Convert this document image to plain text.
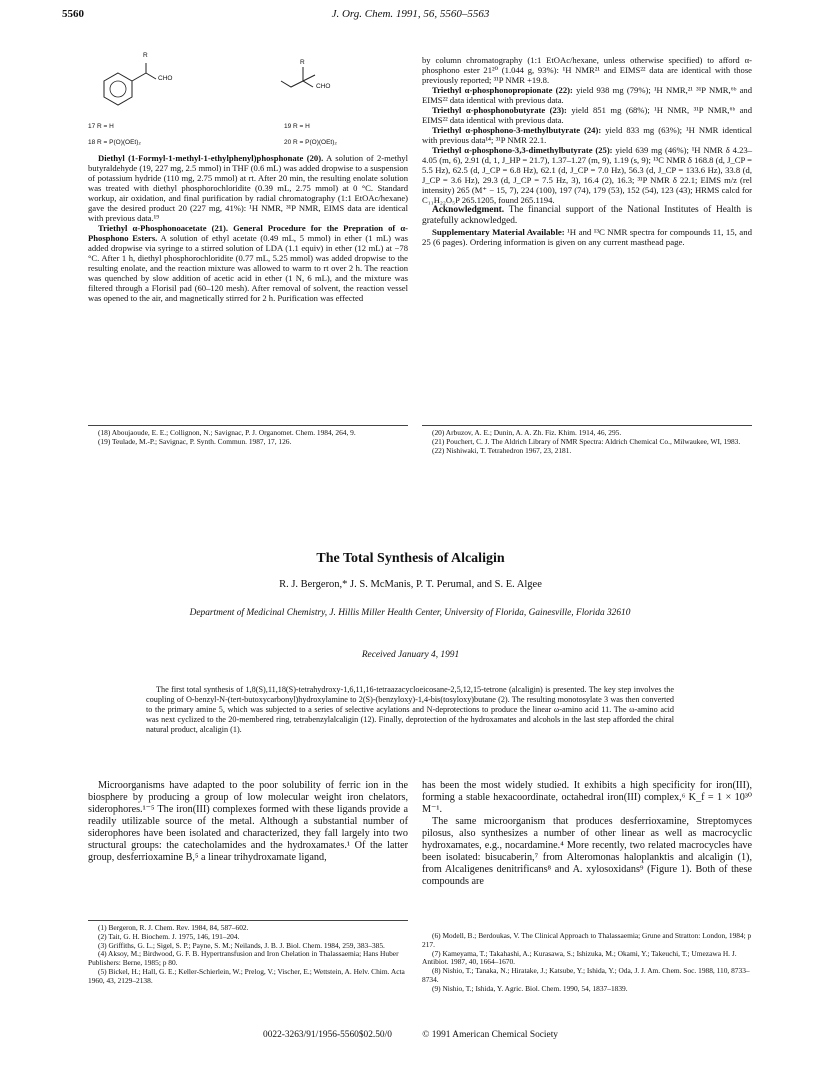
5560	J. Org. Chem. 1991, 56, 5560–5563
R
CHO
17 R = H
18 R = P(O)(OEt)₂
R
CHO
19 R = H
20 R = P(O)(OEt)₂

Diethyl (1-Formyl-1-methyl-1-ethylphenyl)phosphonate (20). A solution of 2-methyl butyraldehyde (19, 227 mg, 2.5 mmol) in THF (0.6 mL) was added dropwise to a suspension of potassium hydride (110 mg, 2.75 mmol) at rt. After 20 min, the resulting enolate solution was treated with diethyl phosphorochloridite (0.39 mL, 2.75 mmol) at 0 °C. Standard workup, air oxidation, and final purification by radial chromatography (1:1 EtOAc/hexane) gave the desired product 20 (227 mg, 41%): ¹H NMR, ³¹P NMR, EIMS data are identical with previous data.¹⁹

Triethyl α-Phosphonoacetate (21). General Procedure for the Prepration of α-Phosphono Esters. A solution of ethyl acetate (0.49 mL, 5 mmol) in ether (1 mL) was added dropwise via syringe to a stirred solution of LDA (1.1 equiv) in ether (12 mL) at −78 °C. After 1 h, diethyl phosphorochloridite (0.77 mL, 5.25 mmol) was added dropwise to the resulting enolate, and the reaction mixture was allowed to warm to rt over 2 h. The reaction was quenched by slow addition of acetic acid in ether (1 N, 6 mL), and the mixture was filtered through a Florisil pad (60–120 mesh). After removal of solvent, the reaction vessel was opened to the air, and magnetically stirred for 2 h. Purification was effected

by column chromatography (1:1 EtOAc/hexane, unless otherwise specified) to afford α-phosphono ester 21²⁰ (1.044 g, 93%): ¹H NMR²¹ and EIMS²² data are identical with those previously reported; ³¹P NMR +19.8.

Triethyl α-phosphonopropionate (22): yield 938 mg (79%); ¹H NMR,²¹ ³¹P NMR,⁶ᵇ and EIMS²² data identical with previous data.

Triethyl α-phosphonobutyrate (23): yield 851 mg (68%); ¹H NMR, ³¹P NMR,⁶ᵇ and EIMS²² data identical with previous data.

Triethyl α-phosphono-3-methylbutyrate (24): yield 833 mg (63%); ¹H NMR identical with previous data¹⁴; ³¹P NMR 22.1.

Triethyl α-phosphono-3,3-dimethylbutyrate (25): yield 639 mg (46%); ¹H NMR δ 4.23–4.05 (m, 6), 2.91 (d, 1, J_HP = 21.7), 1.37–1.27 (m, 9), 1.19 (s, 9); ¹³C NMR δ 168.8 (d, J_CP = 5.5 Hz), 62.5 (d, J_CP = 6.8 Hz), 62.1 (d, J_CP = 7.0 Hz), 56.3 (d, J_CP = 133.6 Hz), 33.8 (d, J_CP = 3.6 Hz), 29.3 (d, J_CP = 7.5 Hz, 3), 16.4 (2), 16.3; ³¹P NMR δ 22.1; EIMS m/z (rel intensity) 265 (M⁺ − 15, 7), 224 (100), 197 (74), 179 (53), 152 (54), 123 (43); HRMS calcd for C₁₁H₂₂O₅P 265.1205, found 265.1194.

Acknowledgment. The financial support of the National Institutes of Health is gratefully acknowledged.

Supplementary Material Available: ¹H and ¹³C NMR spectra for compounds 11, 15, and 25 (6 pages). Ordering information is given on any current masthead page.

(18) Aboujaoude, E. E.; Collignon, N.; Savignac, P. J. Organomet. Chem. 1984, 264, 9.
(19) Teulade, M.-P.; Savignac, P. Synth. Commun. 1987, 17, 126.
(20) Arbuzov, A. E.; Dunin, A. A. Zh. Fiz. Khim. 1914, 46, 295.
(21) Pouchert, C. J. The Aldrich Library of NMR Spectra: Aldrich Chemical Co., Milwaukee, WI, 1983.
(22) Nishiwaki, T. Tetrahedron 1967, 23, 2181.
The Total Synthesis of Alcaligin
R. J. Bergeron,* J. S. McManis, P. T. Perumal, and S. E. Algee
Department of Medicinal Chemistry, J. Hillis Miller Health Center, University of Florida, Gainesville, Florida 32610
Received January 4, 1991
The first total synthesis of 1,8(S),11,18(S)-tetrahydroxy-1,6,11,16-tetraazacycloeicosane-2,5,12,15-tetrone (alcaligin) is presented. The key step involves the coupling of O-benzyl-N-(tert-butoxycarbonyl)hydroxylamine to 2(S)-(benzyloxy)-1,4-bis(tosyloxy)butane (2). The resulting monotosylate 3 was then converted to the primary amine 5, which was subjected to a series of selective acylations and N-deprotections to produce the linear ω-amino acid 11. The ω-amino acid was next cyclized to the 20-membered ring, tetrabenzylalcaligin (12). Finally, deprotection of the hydroxamates and alcohols in the last step afforded the chiral natural product, alcaligin (1).
Microorganisms have adapted to the poor solubility of ferric ion in the biosphere by producing a group of low molecular weight iron chelators, siderophores.¹⁻⁵ The iron(III) complexes formed with these ligands provide a readily utilizable source of the metal. Although a substantial number of siderophores have been isolated and characterized, they fall largely into two structural groups: the catecholamides and the hydroxamates.¹ Of the latter group, desferrioxamine B,⁵ a linear trihydroxamate ligand,
has been the most widely studied. It exhibits a high specificity for iron(III), forming a stable hexacoordinate, octahedral iron(III) complex,⁶ K_f = 1 × 10³⁰ M⁻¹.
The same microorganism that produces desferrioxamine, Streptomyces pilosus, also synthesizes a number of other linear as well as macrocyclic hydroxamates, e.g., nocardamine.⁴ More recently, two related macrocycles have been isolated: bisucaberin,⁷ from Alteromonas haloplanktis and alcaligin (1), from Alcaligenes denitrificans⁸ and A. xylosoxidans⁹ (Figure 1). Both of these compounds are
(1) Bergeron, R. J. Chem. Rev. 1984, 84, 587–602.
(2) Tait, G. H. Biochem. J. 1975, 146, 191–204.
(3) Griffiths, G. L.; Sigel, S. P.; Payne, S. M.; Neilands, J. B. J. Biol. Chem. 1984, 259, 383–385.
(4) Aksoy, M.; Birdwood, G. F. B. Hypertransfusion and Iron Chelation in Thalassaemia; Hans Huber Publishers: Berne, 1985; p 80.
(5) Bickel, H.; Hall, G. E.; Keller-Schierlein, W.; Prelog, V.; Vischer, E.; Wettstein, A. Helv. Chim. Acta 1960, 43, 2129–2138.
(6) Modell, B.; Berdoukas, V. The Clinical Approach to Thalassaemia; Grune and Stratton: London, 1984; p 217.
(7) Kameyama, T.; Takahashi, A.; Kurasawa, S.; Ishizuka, M.; Okami, Y.; Takeuchi, T.; Umezawa H. J. Antibiot. 1987, 40, 1664–1670.
(8) Nishio, T.; Tanaka, N.; Hiratake, J.; Katsube, Y.; Ishida, Y.; Oda, J. J. Am. Chem. Soc. 1988, 110, 8733–8734.
(9) Nishio, T.; Ishida, Y. Agric. Biol. Chem. 1990, 54, 1837–1839.
0022-3263/91/1956-5560$02.50/0	© 1991 American Chemical Society
